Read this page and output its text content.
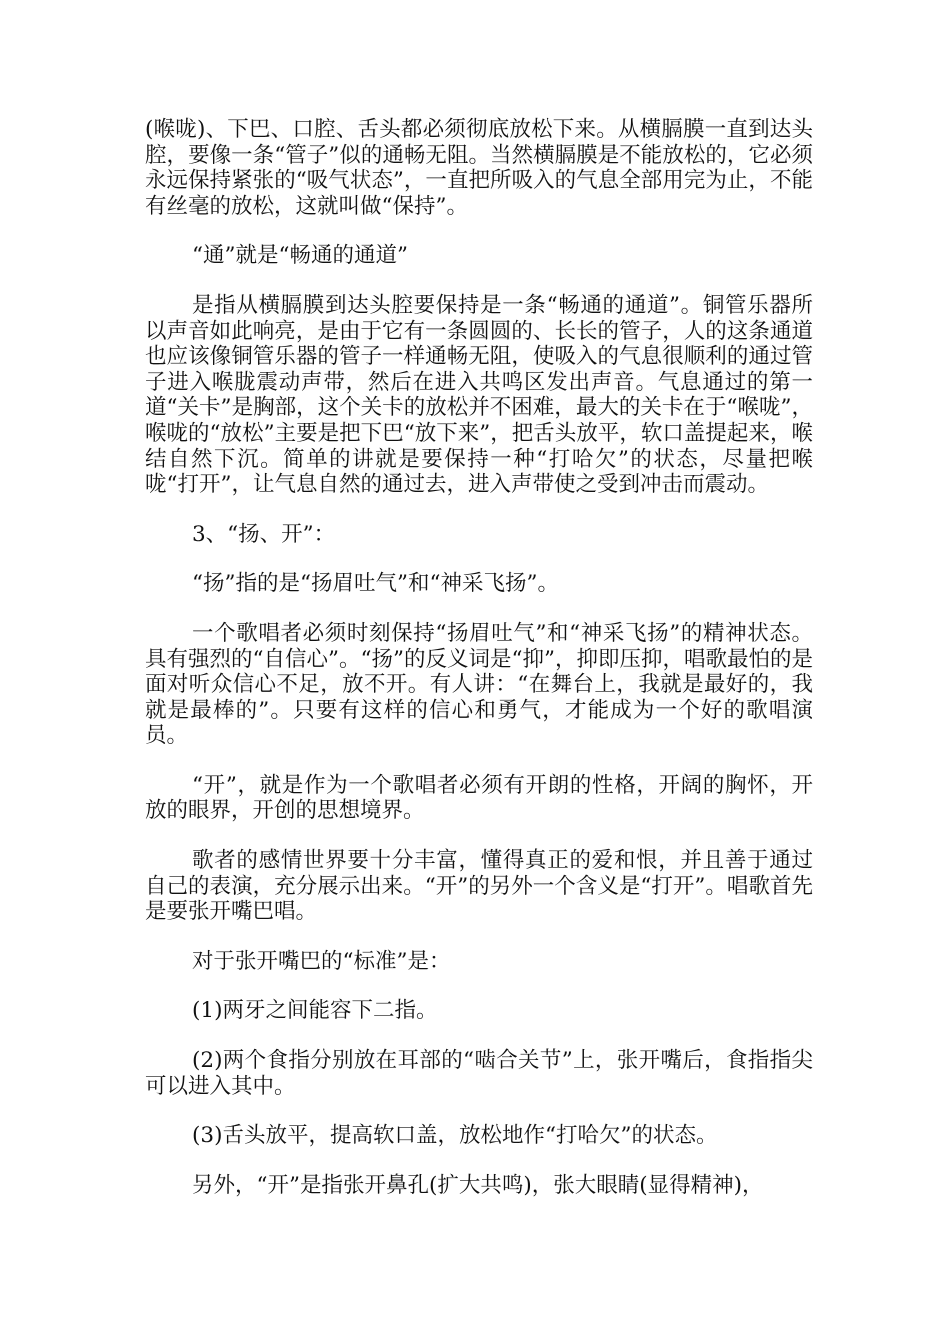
(喉咙)、下巴、口腔、舌头都必须彻底放松下来。从横膈膜一直到达头腔，要像一条“管子”似的通畅无阻。当然横膈膜是不能放松的，它必须永远保持紧张的“吸气状态”，一直把所吸入的气息全部用完为止，不能有丝毫的放松，这就叫做“保持”。

“通”就是“畅通的通道”

是指从横膈膜到达头腔要保持是一条“畅通的通道”。铜管乐器所以声音如此响亮，是由于它有一条圆圆的、长长的管子，人的这条通道也应该像铜管乐器的管子一样通畅无阻，使吸入的气息很顺利的通过管子进入喉胧震动声带，然后在进入共鸣区发出声音。气息通过的第一道“关卡”是胸部，这个关卡的放松并不困难，最大的关卡在于“喉咙”，喉咙的“放松”主要是把下巴“放下来”，把舌头放平，软口盖提起来，喉结自然下沉。简单的讲就是要保持一种“打哈欠”的状态，尽量把喉咙“打开”，让气息自然的通过去，进入声带使之受到冲击而震动。

3、“扬、开”：

“扬”指的是“扬眉吐气”和“神采飞扬”。

一个歌唱者必须时刻保持“扬眉吐气”和“神采飞扬”的精神状态。具有强烈的“自信心”。“扬”的反义词是“抑”，抑即压抑，唱歌最怕的是面对听众信心不足，放不开。有人讲：“在舞台上，我就是最好的，我就是最棒的”。只要有这样的信心和勇气，才能成为一个好的歌唱演员。

“开”，就是作为一个歌唱者必须有开朗的性格，开阔的胸怀，开放的眼界，开创的思想境界。

歌者的感情世界要十分丰富，懂得真正的爱和恨，并且善于通过自己的表演，充分展示出来。“开”的另外一个含义是“打开”。唱歌首先是要张开嘴巴唱。

对于张开嘴巴的“标准”是：

(1)两牙之间能容下二指。

(2)两个食指分别放在耳部的“啮合关节”上，张开嘴后，食指指尖可以进入其中。

(3)舌头放平，提高软口盖，放松地作“打哈欠”的状态。

另外，“开”是指张开鼻孔(扩大共鸣)，张大眼睛(显得精神)，
